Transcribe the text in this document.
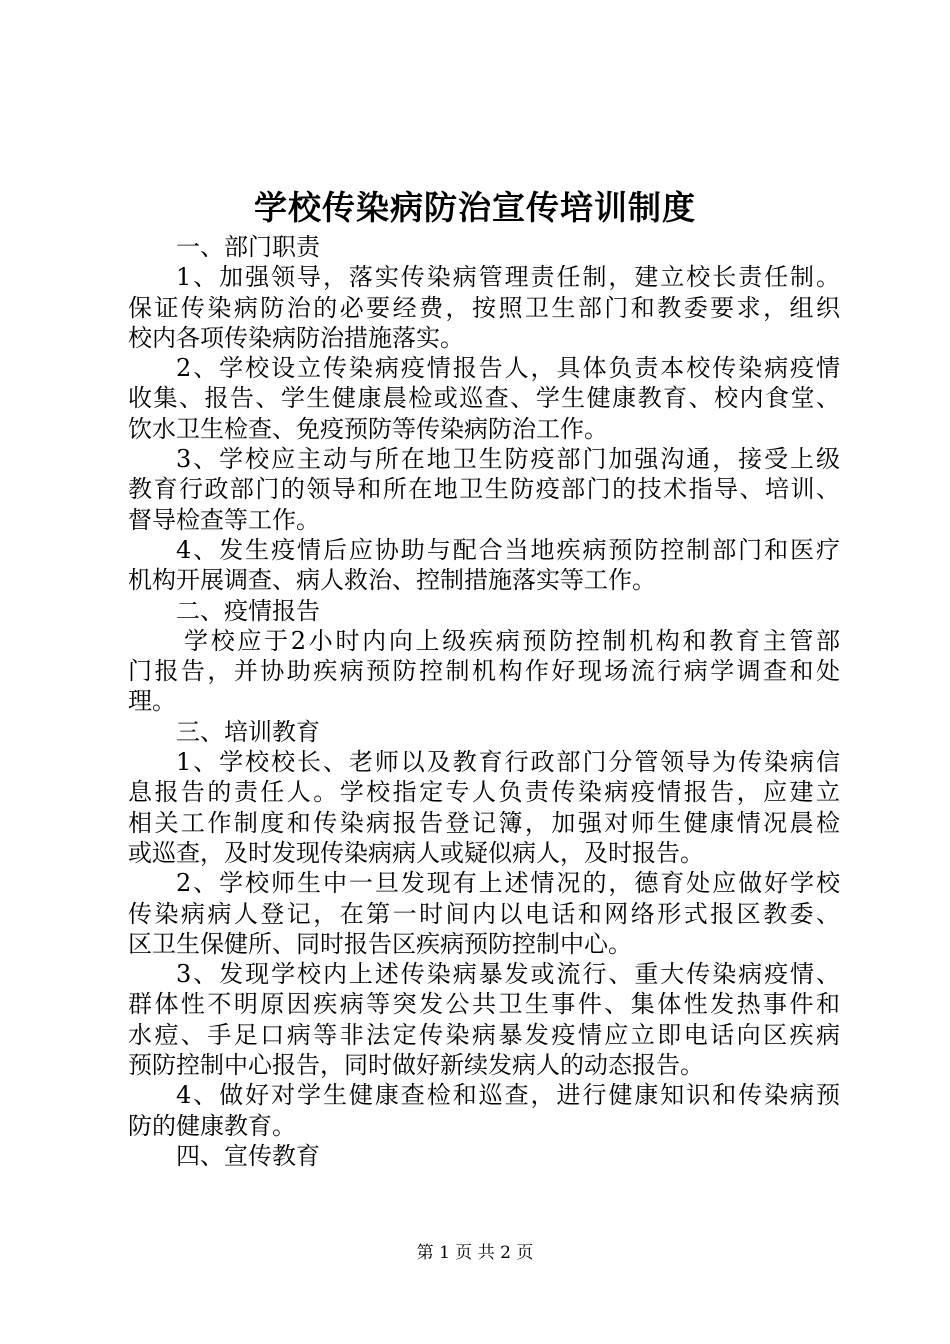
学校传染病防治宣传培训制度
一、部门职责
1、加强领导，落实传染病管理责任制，建立校长责任制。
保证传染病防治的必要经费，按照卫生部门和教委要求，组织
校内各项传染病防治措施落实。
2、学校设立传染病疫情报告人，具体负责本校传染病疫情
收集、报告、学生健康晨检或巡查、学生健康教育、校内食堂、
饮水卫生检查、免疫预防等传染病防治工作。
3、学校应主动与所在地卫生防疫部门加强沟通，接受上级
教育行政部门的领导和所在地卫生防疫部门的技术指导、培训、
督导检查等工作。
4、发生疫情后应协助与配合当地疾病预防控制部门和医疗
机构开展调查、病人救治、控制措施落实等工作。
二、疫情报告
学校应于2小时内向上级疾病预防控制机构和教育主管部
门报告，并协助疾病预防控制机构作好现场流行病学调查和处
理。
三、培训教育
1、学校校长、老师以及教育行政部门分管领导为传染病信
息报告的责任人。学校指定专人负责传染病疫情报告，应建立
相关工作制度和传染病报告登记簿，加强对师生健康情况晨检
或巡查，及时发现传染病病人或疑似病人，及时报告。
2、学校师生中一旦发现有上述情况的，德育处应做好学校
传染病病人登记，在第一时间内以电话和网络形式报区教委、
区卫生保健所、同时报告区疾病预防控制中心。
3、发现学校内上述传染病暴发或流行、重大传染病疫情、
群体性不明原因疾病等突发公共卫生事件、集体性发热事件和
水痘、手足口病等非法定传染病暴发疫情应立即电话向区疾病
预防控制中心报告，同时做好新续发病人的动态报告。
4、做好对学生健康查检和巡查，进行健康知识和传染病预
防的健康教育。
四、宣传教育
第 1 页 共 2 页
